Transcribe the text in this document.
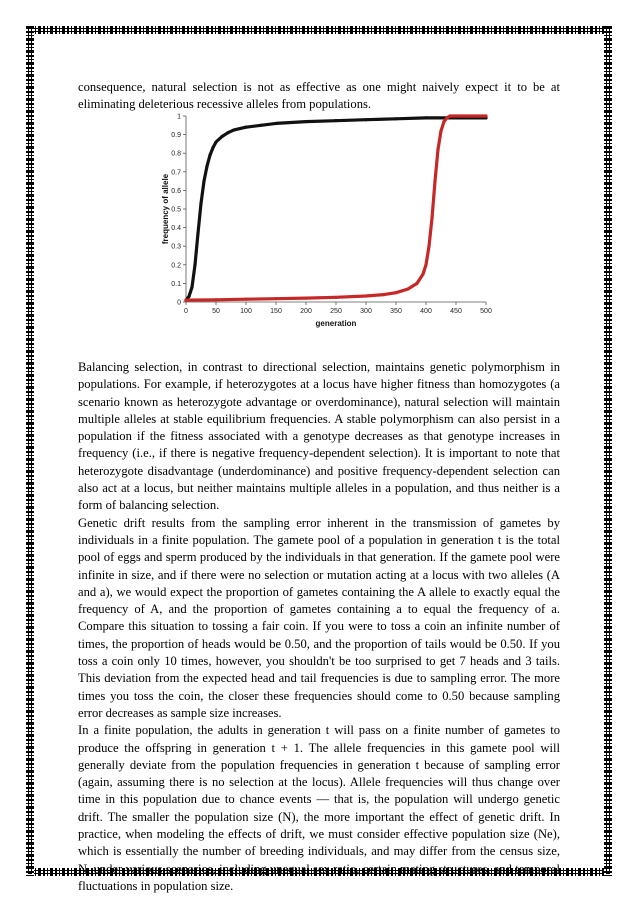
consequence, natural selection is not as effective as one might naively expect it to be at eliminating deleterious recessive alleles from populations.

0
0.1
0.2
0.3
0.4
0.5
0.6
0.7
0.8
0.9
1
0	50	100	150	200	250	300	350	400	450	500
frequency of allele
generation

Balancing selection, in contrast to directional selection, maintains genetic polymorphism in populations. For example, if heterozygotes at a locus have higher fitness than homozygotes (a scenario known as heterozygote advantage or overdominance), natural selection will maintain multiple alleles at stable equilibrium frequencies. A stable polymorphism can also persist in a population if the fitness associated with a genotype decreases as that genotype increases in frequency (i.e., if there is negative frequency-dependent selection). It is important to note that heterozygote disadvantage (underdominance) and positive frequency-dependent selection can also act at a locus, but neither maintains multiple alleles in a population, and thus neither is a form of balancing selection.

Genetic drift results from the sampling error inherent in the transmission of gametes by individuals in a finite population. The gamete pool of a population in generation t is the total pool of eggs and sperm produced by the individuals in that generation. If the gamete pool were infinite in size, and if there were no selection or mutation acting at a locus with two alleles (A and a), we would expect the proportion of gametes containing the A allele to exactly equal the frequency of A, and the proportion of gametes containing a to equal the frequency of a. Compare this situation to tossing a fair coin. If you were to toss a coin an infinite number of times, the proportion of heads would be 0.50, and the proportion of tails would be 0.50. If you toss a coin only 10 times, however, you shouldn't be too surprised to get 7 heads and 3 tails. This deviation from the expected head and tail frequencies is due to sampling error. The more times you toss the coin, the closer these frequencies should come to 0.50 because sampling error decreases as sample size increases.

In a finite population, the adults in generation t will pass on a finite number of gametes to produce the offspring in generation t + 1. The allele frequencies in this gamete pool will generally deviate from the population frequencies in generation t because of sampling error (again, assuming there is no selection at the locus). Allele frequencies will thus change over time in this population due to chance events — that is, the population will undergo genetic drift. The smaller the population size (N), the more important the effect of genetic drift. In practice, when modeling the effects of drift, we must consider effective population size (Ne), which is essentially the number of breeding individuals, and may differ from the census size, N, under various scenarios, including unequal sex ratio, certain mating structures, and temporal fluctuations in population size.
